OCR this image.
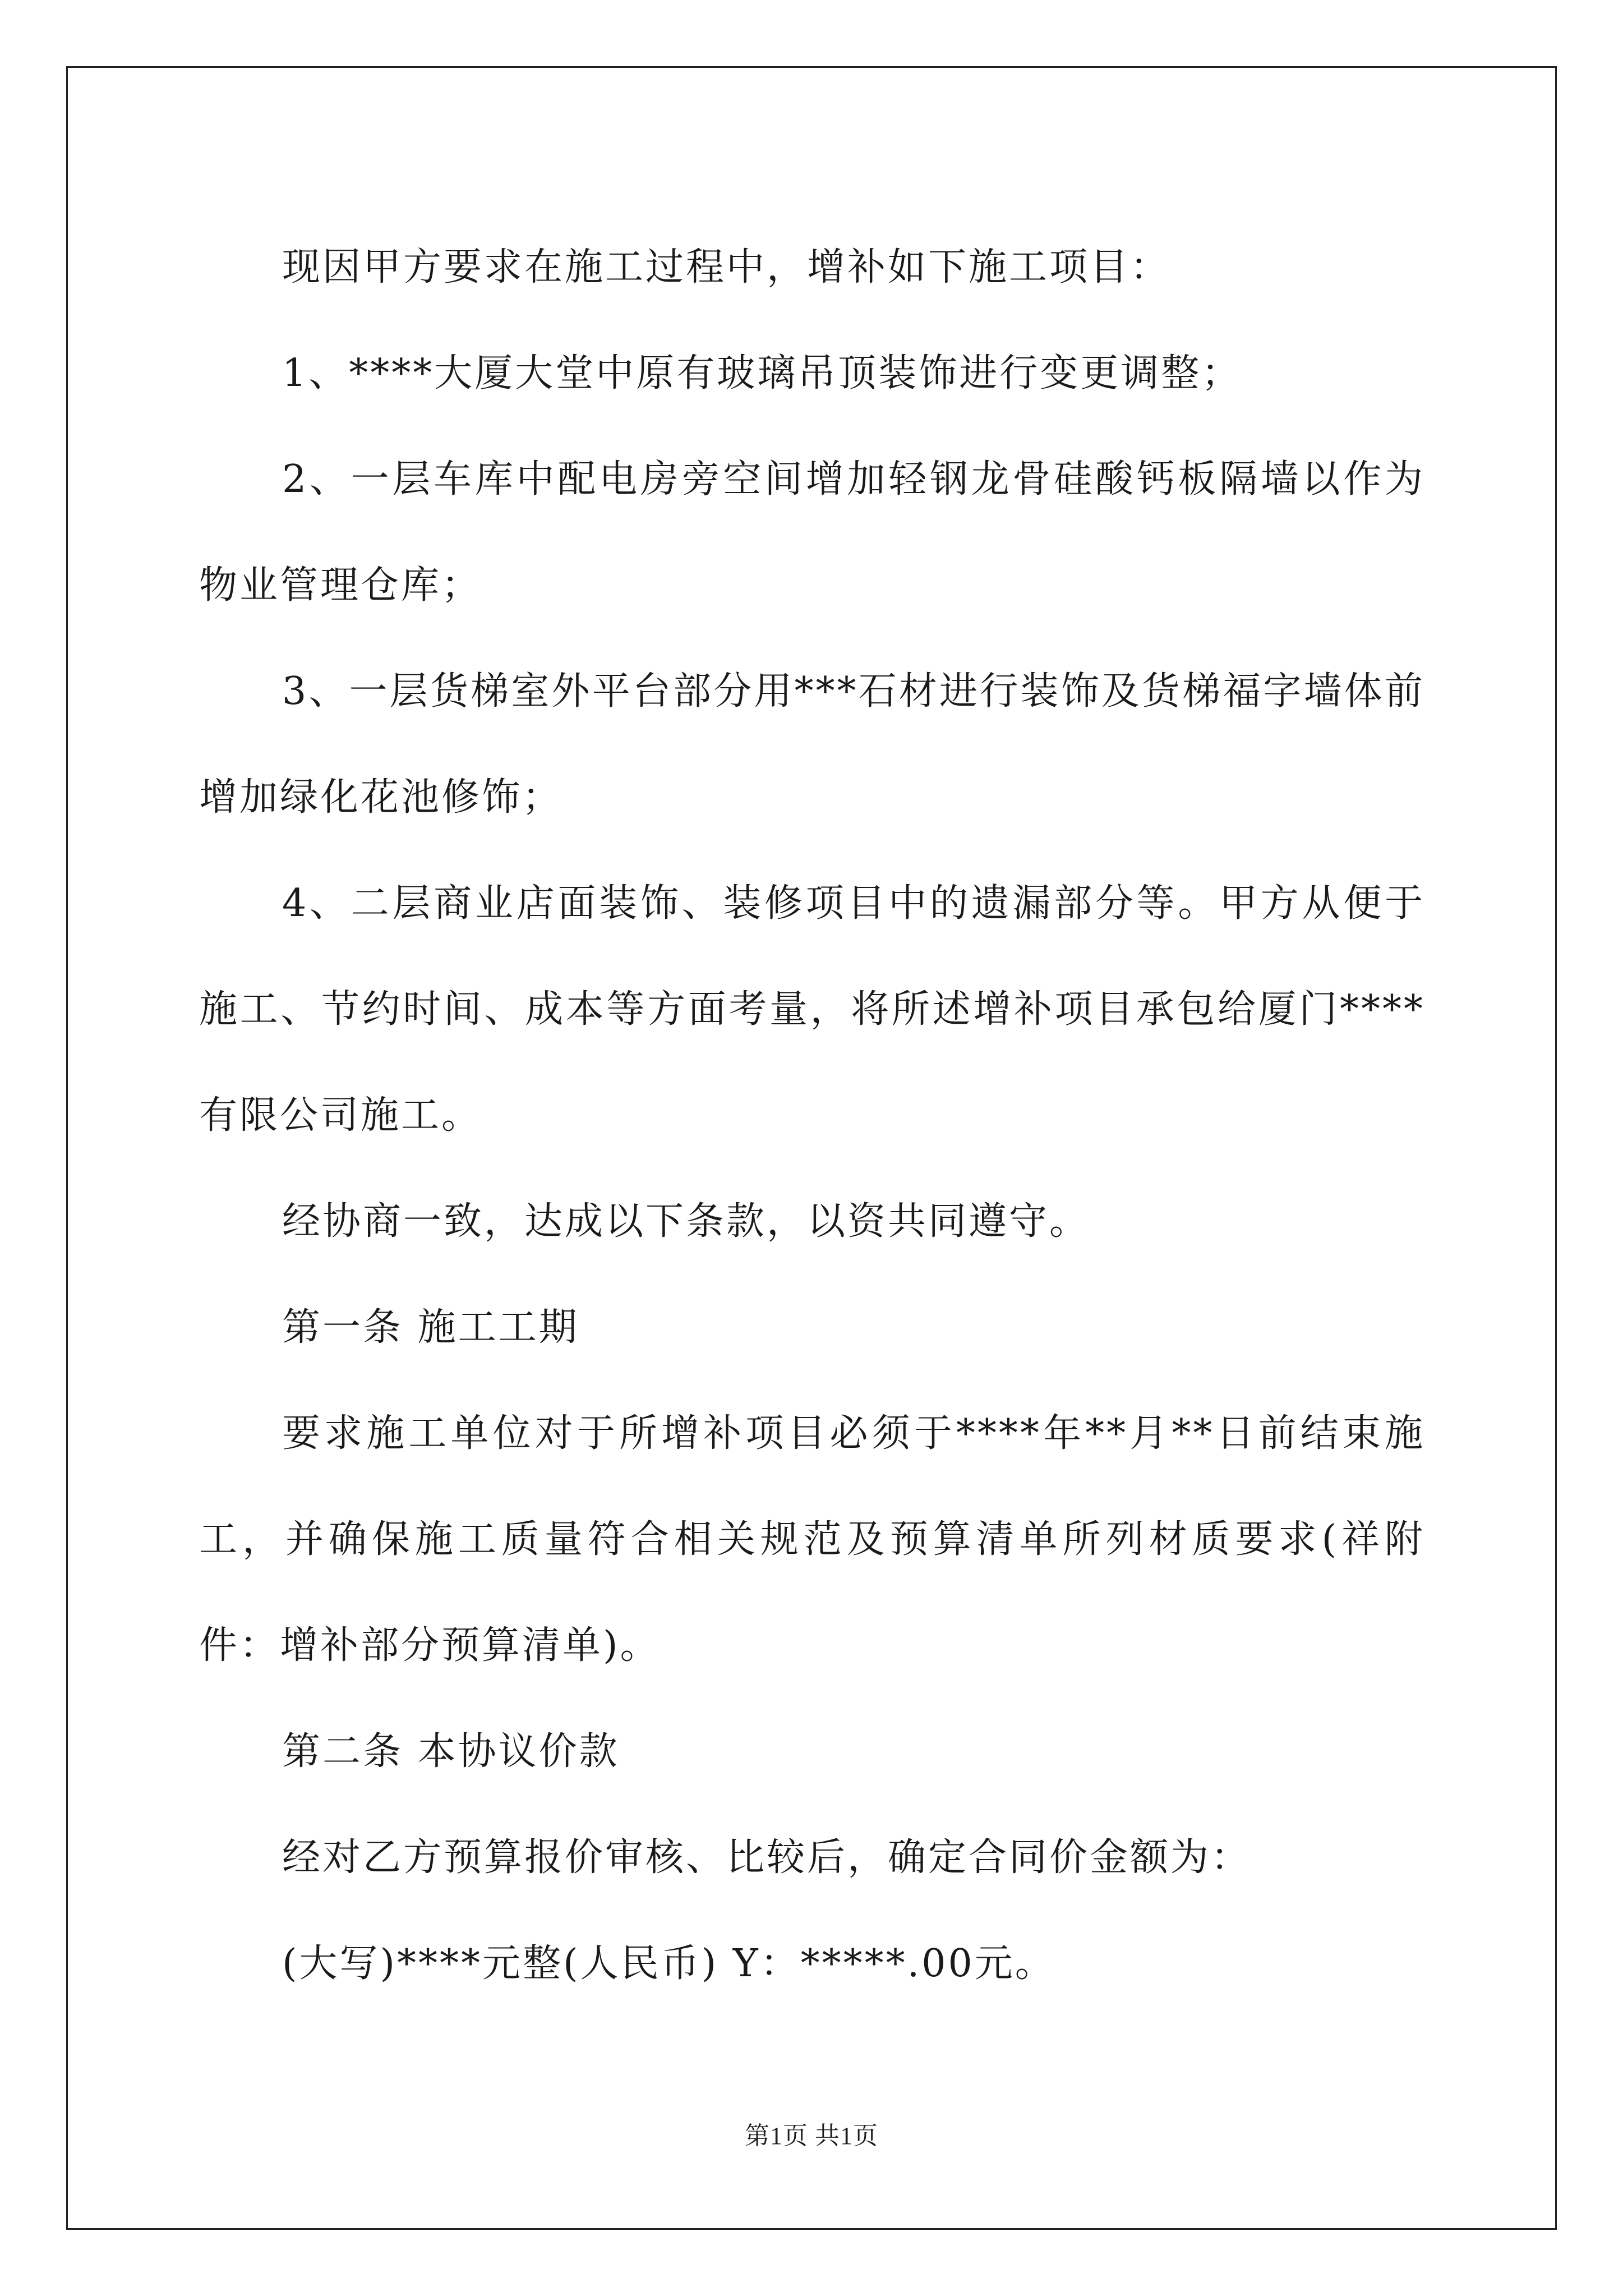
现因甲方要求在施工过程中，增补如下施工项目：

1、****大厦大堂中原有玻璃吊顶装饰进行变更调整；

2、一层车库中配电房旁空间增加轻钢龙骨硅酸钙板隔墙以作为物业管理仓库；

3、一层货梯室外平台部分用***石材进行装饰及货梯福字墙体前增加绿化花池修饰；

4、二层商业店面装饰、装修项目中的遗漏部分等。甲方从便于施工、节约时间、成本等方面考量，将所述增补项目承包给厦门****有限公司施工。

经协商一致，达成以下条款，以资共同遵守。

第一条 施工工期

要求施工单位对于所增补项目必须于****年**月**日前结束施工，并确保施工质量符合相关规范及预算清单所列材质要求(祥附件：增补部分预算清单)。

第二条 本协议价款

经对乙方预算报价审核、比较后，确定合同价金额为：

(大写)****元整(人民币) Y：*****.00元。

第1页 共1页
